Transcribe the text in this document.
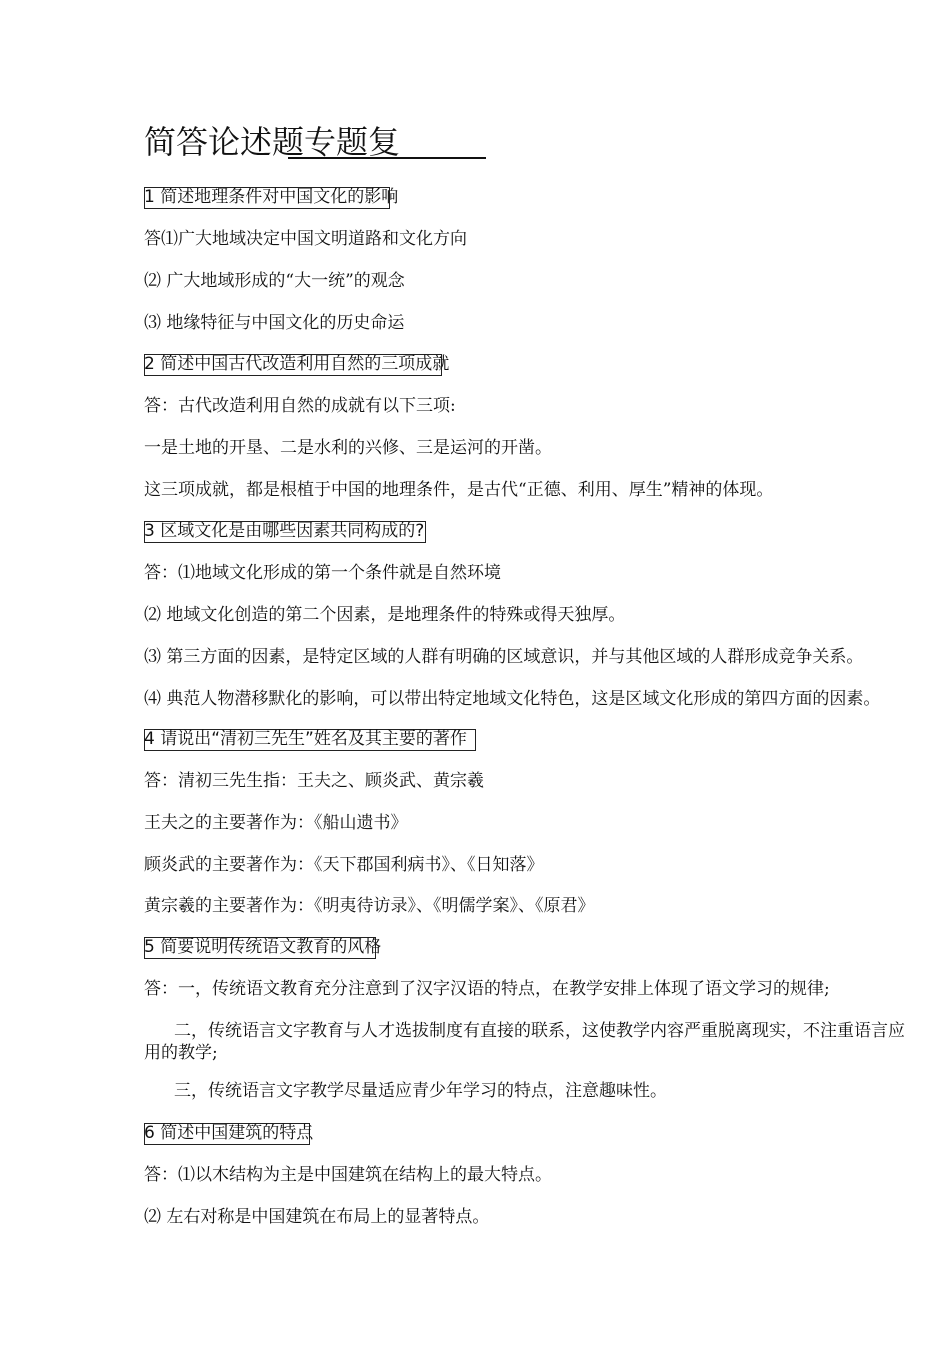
简答论述题专题复
1 简述地理条件对中国文化的影响
答⑴广大地域决定中国文明道路和文化方向
⑵ 广大地域形成的“大一统”的观念
⑶ 地缘特征与中国文化的历史命运
2 简述中国古代改造利用自然的三项成就
答：古代改造利用自然的成就有以下三项:
一是土地的开垦、二是水利的兴修、三是运河的开凿。
这三项成就，都是根植于中国的地理条件，是古代“正德、利用、厚生”精神的体现。
3 区域文化是由哪些因素共同构成的?
答：⑴地域文化形成的第一个条件就是自然环境
⑵ 地域文化创造的第二个因素，是地理条件的特殊或得天独厚。
⑶ 第三方面的因素，是特定区域的人群有明确的区域意识，并与其他区域的人群形成竞争关系。
⑷ 典范人物潜移默化的影响，可以带出特定地域文化特色，这是区域文化形成的第四方面的因素。
4 请说出“清初三先生”姓名及其主要的著作
答：清初三先生指：王夫之、顾炎武、黄宗羲
王夫之的主要著作为：《船山遗书》
顾炎武的主要著作为：《天下郡国利病书》、《日知落》
黄宗羲的主要著作为：《明夷待访录》、《明儒学案》、《原君》
5 简要说明传统语文教育的风格
答：一，传统语文教育充分注意到了汉字汉语的特点，在教学安排上体现了语文学习的规律;
二，传统语言文字教育与人才选拔制度有直接的联系，这使教学内容严重脱离现实，不注重语言应用的教学;
三，传统语言文字教学尽量适应青少年学习的特点，注意趣味性。
6 简述中国建筑的特点
答：⑴以木结构为主是中国建筑在结构上的最大特点。
⑵ 左右对称是中国建筑在布局上的显著特点。
